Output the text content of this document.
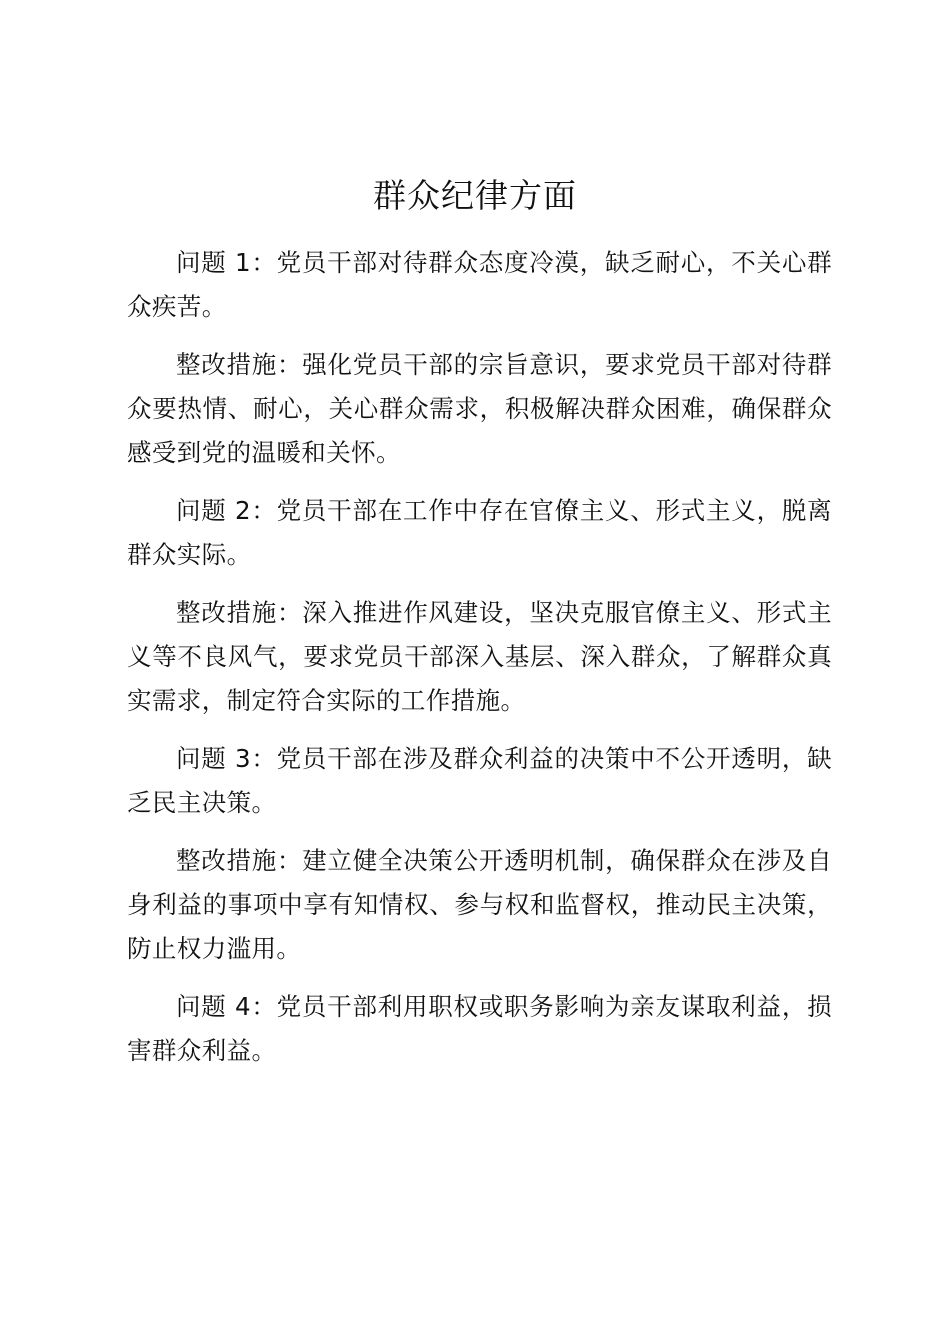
群众纪律方面

问题 1：党员干部对待群众态度冷漠，缺乏耐心，不关心群众疾苦。

整改措施：强化党员干部的宗旨意识，要求党员干部对待群众要热情、耐心，关心群众需求，积极解决群众困难，确保群众感受到党的温暖和关怀。

问题 2：党员干部在工作中存在官僚主义、形式主义，脱离群众实际。

整改措施：深入推进作风建设，坚决克服官僚主义、形式主义等不良风气，要求党员干部深入基层、深入群众，了解群众真实需求，制定符合实际的工作措施。

问题 3：党员干部在涉及群众利益的决策中不公开透明，缺乏民主决策。

整改措施：建立健全决策公开透明机制，确保群众在涉及自身利益的事项中享有知情权、参与权和监督权，推动民主决策，防止权力滥用。

问题 4：党员干部利用职权或职务影响为亲友谋取利益，损害群众利益。
